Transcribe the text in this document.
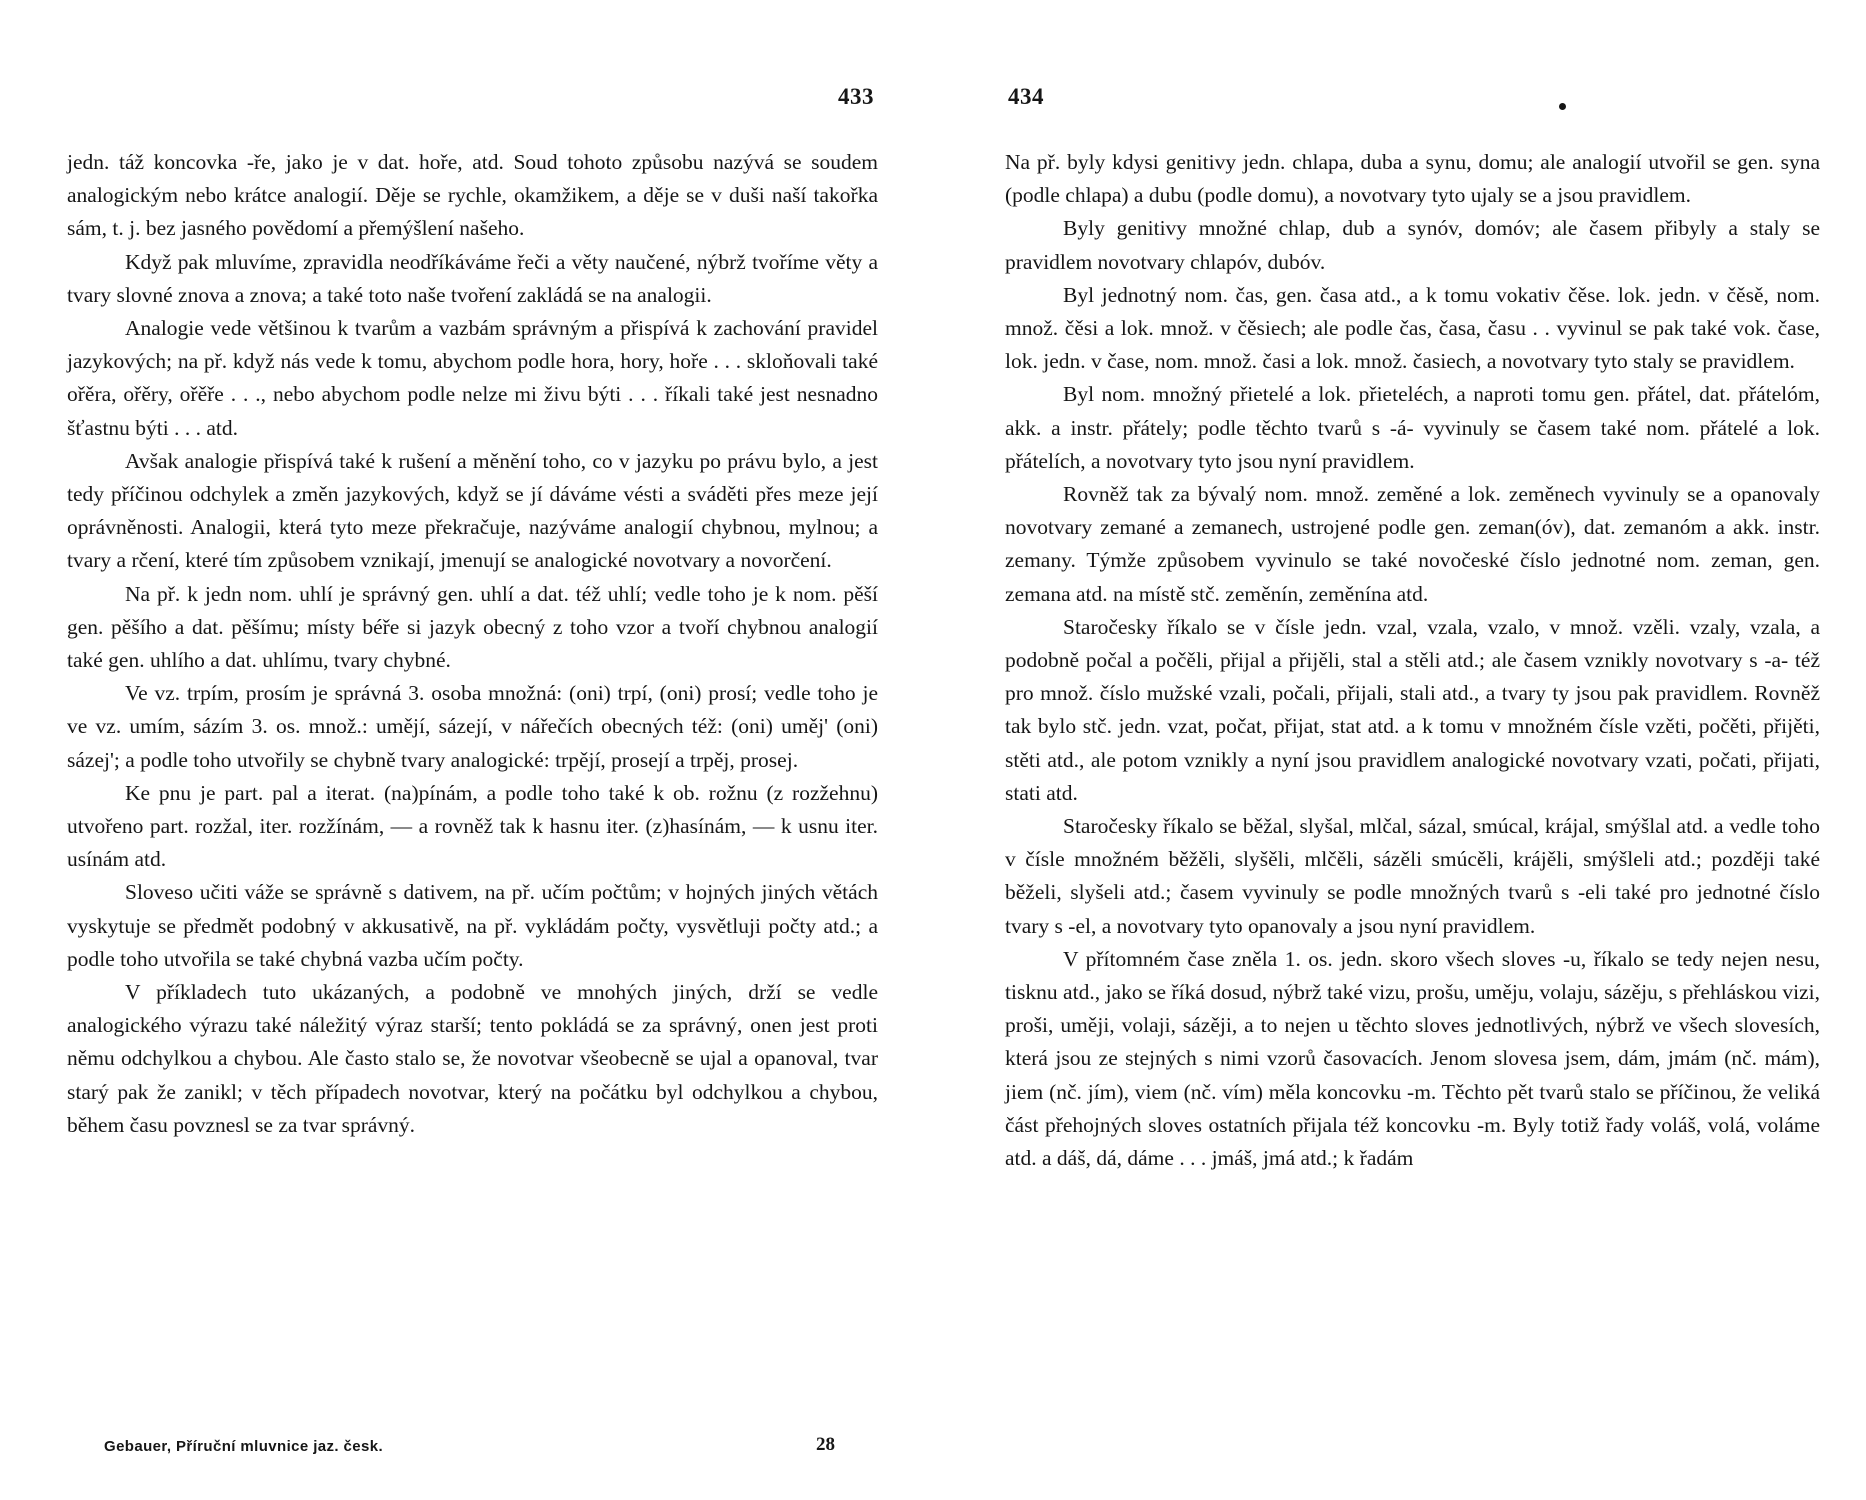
433

jedn. táž koncovka -ře, jako je v dat. hoře, atd. Soud tohoto způsobu nazývá se soudem analogickým nebo krátce analogií. Děje se rychle, okamžikem, a děje se v duši naší takořka sám, t. j. bez jasného povědomí a přemýšlení našeho.

Když pak mluvíme, zpravidla neodříkáváme řeči a věty naučené, nýbrž tvoříme věty a tvary slovné znova a znova; a také toto naše tvoření zakládá se na analogii.

Analogie vede většinou k tvarům a vazbám správným a přispívá k zachování pravidel jazykových; na př. když nás vede k tomu, abychom podle hora, hory, hoře . . . skloňovali také ořěra, ořěry, ořěře . . ., nebo abychom podle nelze mi živu býti . . . říkali také jest nesnadno šťastnu býti . . . atd.

Avšak analogie přispívá také k rušení a měnění toho, co v jazyku po právu bylo, a jest tedy příčinou odchylek a změn jazykových, když se jí dáváme vésti a sváděti přes meze její oprávněnosti. Analogii, která tyto meze překračuje, nazýváme analogií chybnou, mylnou; a tvary a rčení, které tím způsobem vznikají, jmenují se analogické novotvary a novorčení.

Na př. k jedn nom. uhlí je správný gen. uhlí a dat. též uhlí; vedle toho je k nom. pěší gen. pěšího a dat. pěšímu; místy béře si jazyk obecný z toho vzor a tvoří chybnou analogií také gen. uhlího a dat. uhlímu, tvary chybné.

Ve vz. trpím, prosím je správná 3. osoba množná: (oni) trpí, (oni) prosí; vedle toho je ve vz. umím, sázím 3. os. množ.: umějí, sázejí, v nářečích obecných též: (oni) uměj' (oni) sázej'; a podle toho utvořily se chybně tvary analogické: trpějí, prosejí a trpěj, prosej.

Ke pnu je part. pal a iterat. (na)pínám, a podle toho také k ob. rožnu (z rozžehnu) utvořeno part. rozžal, iter. rozžínám, — a rovněž tak k hasnu iter. (z)hasínám, — k usnu iter. usínám atd.

Sloveso učiti váže se správně s dativem, na př. učím počtům; v hojných jiných větách vyskytuje se předmět podobný v akkusativě, na př. vykládám počty, vysvětluji počty atd.; a podle toho utvořila se také chybná vazba učím počty.

V příkladech tuto ukázaných, a podobně ve mnohých jiných, drží se vedle analogického výrazu také náležitý výraz starší; tento pokládá se za správný, onen jest proti němu odchylkou a chybou. Ale často stalo se, že novotvar všeobecně se ujal a opanoval, tvar starý pak že zanikl; v těch případech novotvar, který na počátku byl odchylkou a chybou, během času povznesl se za tvar správný.

Gebauer, Příruční mluvnice jaz. česk.	28
434

Na př. byly kdysi genitivy jedn. chlapa, duba a synu, domu; ale analogií utvořil se gen. syna (podle chlapa) a dubu (podle domu), a novotvary tyto ujaly se a jsou pravidlem.

Byly genitivy množné chlap, dub a synóv, domóv; ale časem přibyly a staly se pravidlem novotvary chlapóv, dubóv.

Byl jednotný nom. čas, gen. časa atd., a k tomu vokativ čěse. lok. jedn. v čěsě, nom. množ. čěsi a lok. množ. v čěsiech; ale podle čas, časa, času . . vyvinul se pak také vok. čase, lok. jedn. v čase, nom. množ. časi a lok. množ. časiech, a novotvary tyto staly se pravidlem.

Byl nom. množný přietelé a lok. přieteléch, a naproti tomu gen. přátel, dat. přátelóm, akk. a instr. přátely; podle těchto tvarů s -á- vyvinuly se časem také nom. přátelé a lok. přátelích, a novotvary tyto jsou nyní pravidlem.

Rovněž tak za bývalý nom. množ. zeměné a lok. zeměnech vyvinuly se a opanovaly novotvary zemané a zemanech, ustrojené podle gen. zeman(óv), dat. zemanóm a akk. instr. zemany. Týmže způsobem vyvinulo se také novočeské číslo jednotné nom. zeman, gen. zemana atd. na místě stč. zeměnín, zeměnína atd.

Staročesky říkalo se v čísle jedn. vzal, vzala, vzalo, v množ. vzěli. vzaly, vzala, a podobně počal a počěli, přijal a přijěli, stal a stěli atd.; ale časem vznikly novotvary s -a- též pro množ. číslo mužské vzali, počali, přijali, stali atd., a tvary ty jsou pak pravidlem. Rovněž tak bylo stč. jedn. vzat, počat, přijat, stat atd. a k tomu v množném čísle vzěti, počěti, přijěti, stěti atd., ale potom vznikly a nyní jsou pravidlem analogické novotvary vzati, počati, přijati, stati atd.

Staročesky říkalo se běžal, slyšal, mlčal, sázal, smúcal, krájal, smýšlal atd. a vedle toho v čísle množném běžěli, slyšěli, mlčěli, sázěli smúcěli, krájěli, smýšleli atd.; později také běželi, slyšeli atd.; časem vyvinuly se podle množných tvarů s -eli také pro jednotné číslo tvary s -el, a novotvary tyto opanovaly a jsou nyní pravidlem.

V přítomném čase zněla 1. os. jedn. skoro všech sloves -u, říkalo se tedy nejen nesu, tisknu atd., jako se říká dosud, nýbrž také vizu, prošu, uměju, volaju, sázěju, s přehláskou vizi, proši, uměji, volaji, sázěji, a to nejen u těchto sloves jednotlivých, nýbrž ve všech slovesích, která jsou ze stejných s nimi vzorů časovacích. Jenom slovesa jsem, dám, jmám (nč. mám), jiem (nč. jím), viem (nč. vím) měla koncovku -m. Těchto pět tvarů stalo se příčinou, že veliká část přehojných sloves ostatních přijala též koncovku -m. Byly totiž řady voláš, volá, voláme atd. a dáš, dá, dáme . . . jmáš, jmá atd.; k řadám
